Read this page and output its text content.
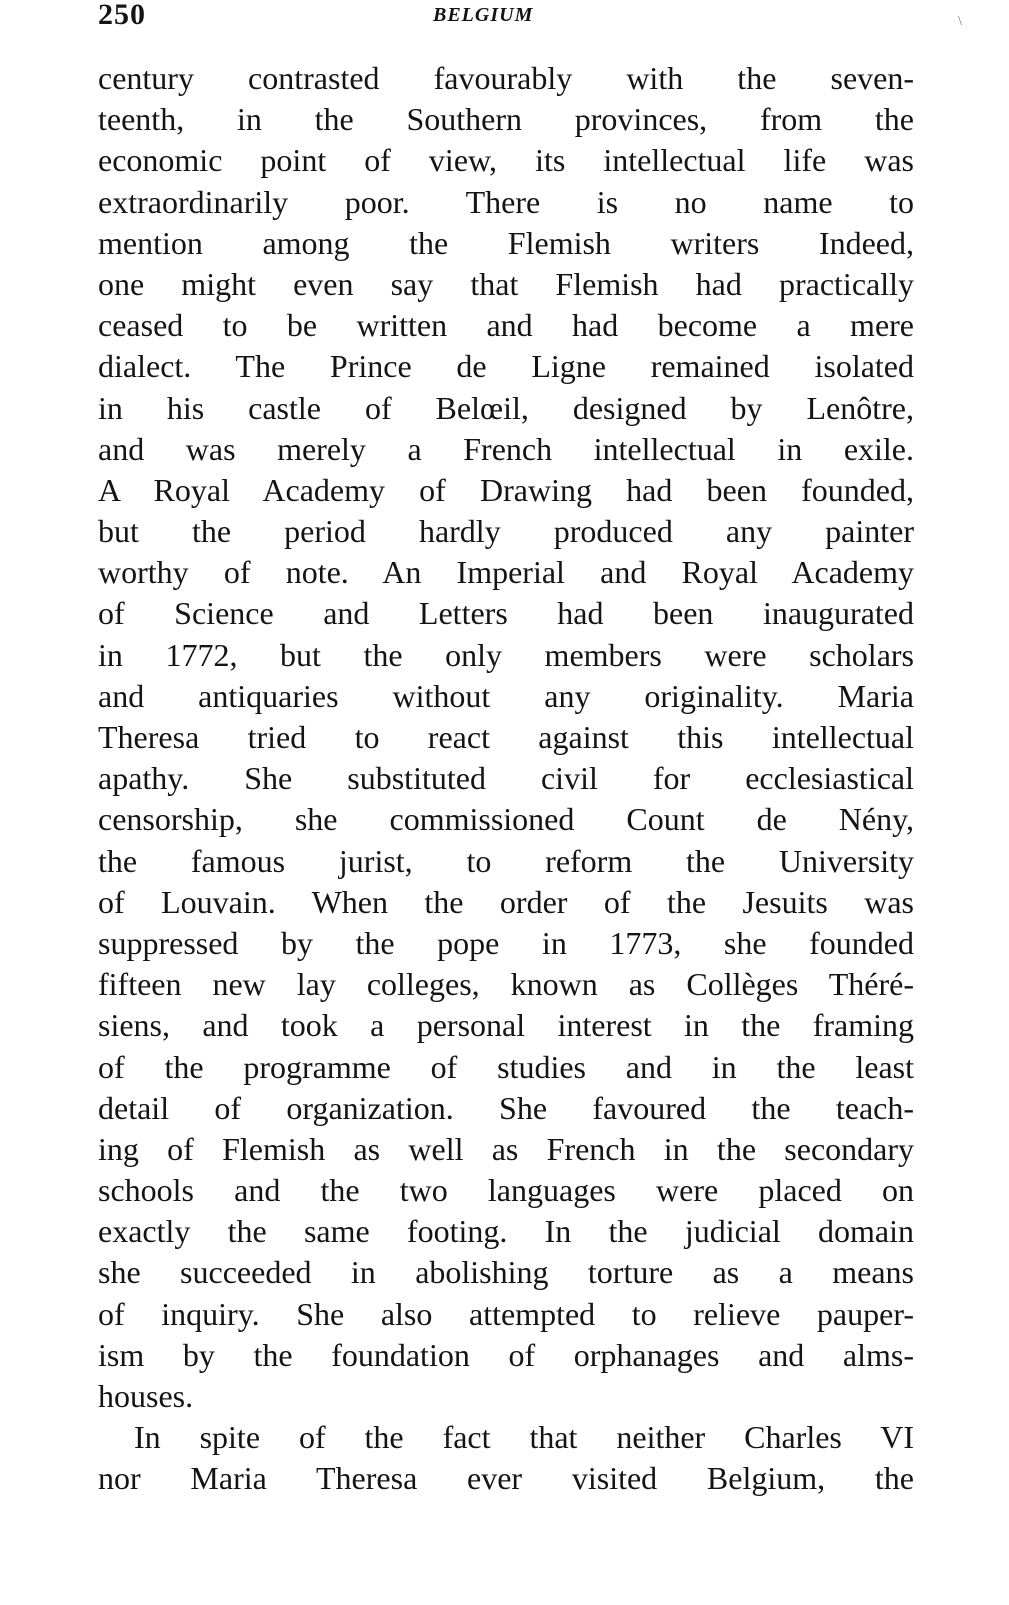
250	BELGIUM	\
century contrasted favourably with the seven-
teenth, in the Southern provinces, from the
economic point of view, its intellectual life was
extraordinarily poor. There is no name to
mention among the Flemish writers Indeed,
one might even say that Flemish had practically
ceased to be written and had become a mere
dialect. The Prince de Ligne remained isolated
in his castle of Belœil, designed by Lenôtre,
and was merely a French intellectual in exile.
A Royal Academy of Drawing had been founded,
but the period hardly produced any painter
worthy of note. An Imperial and Royal Academy
of Science and Letters had been inaugurated
in 1772, but the only members were scholars
and antiquaries without any originality. Maria
Theresa tried to react against this intellectual
apathy. She substituted civil for ecclesiastical
censorship, she commissioned Count de Nény,
the famous jurist, to reform the University
of Louvain. When the order of the Jesuits was
suppressed by the pope in 1773, she founded
fifteen new lay colleges, known as Collèges Théré-
siens, and took a personal interest in the framing
of the programme of studies and in the least
detail of organization. She favoured the teach-
ing of Flemish as well as French in the secondary
schools and the two languages were placed on
exactly the same footing. In the judicial domain
she succeeded in abolishing torture as a means
of inquiry. She also attempted to relieve pauper-
ism by the foundation of orphanages and alms-
houses.
In spite of the fact that neither Charles VI
nor Maria Theresa ever visited Belgium, the
